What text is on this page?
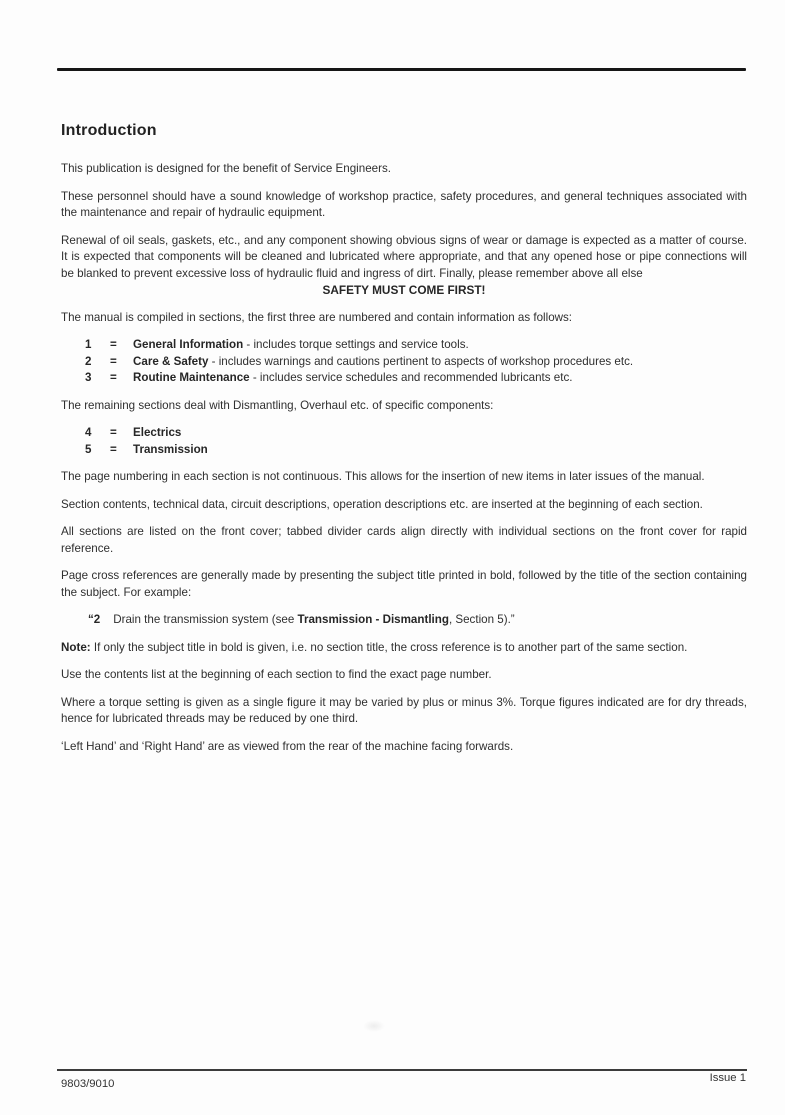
Introduction

This publication is designed for the benefit of Service Engineers.

These personnel should have a sound knowledge of workshop practice, safety procedures, and general techniques associated with the maintenance and repair of hydraulic equipment.

Renewal of oil seals, gaskets, etc., and any component showing obvious signs of wear or damage is expected as a matter of course. It is expected that components will be cleaned and lubricated where appropriate, and that any opened hose or pipe connections will be blanked to prevent excessive loss of hydraulic fluid and ingress of dirt. Finally, please remember above all else

SAFETY MUST COME FIRST!

The manual is compiled in sections, the first three are numbered and contain information as follows:

1	=	General Information - includes torque settings and service tools.
2	=	Care & Safety - includes warnings and cautions pertinent to aspects of workshop procedures etc.
3	=	Routine Maintenance - includes service schedules and recommended lubricants etc.

The remaining sections deal with Dismantling, Overhaul etc. of specific components:

4	=	Electrics
5	=	Transmission

The page numbering in each section is not continuous. This allows for the insertion of new items in later issues of the manual.

Section contents, technical data, circuit descriptions, operation descriptions etc. are inserted at the beginning of each section.

All sections are listed on the front cover; tabbed divider cards align directly with individual sections on the front cover for rapid reference.

Page cross references are generally made by presenting the subject title printed in bold, followed by the title of the section containing the subject. For example:

“2 Drain the transmission system (see Transmission - Dismantling, Section 5).”

Note: If only the subject title in bold is given, i.e. no section title, the cross reference is to another part of the same section.

Use the contents list at the beginning of each section to find the exact page number.

Where a torque setting is given as a single figure it may be varied by plus or minus 3%. Torque figures indicated are for dry threads, hence for lubricated threads may be reduced by one third.

‘Left Hand’ and ‘Right Hand’ are as viewed from the rear of the machine facing forwards.

9803/9010	Issue 1
